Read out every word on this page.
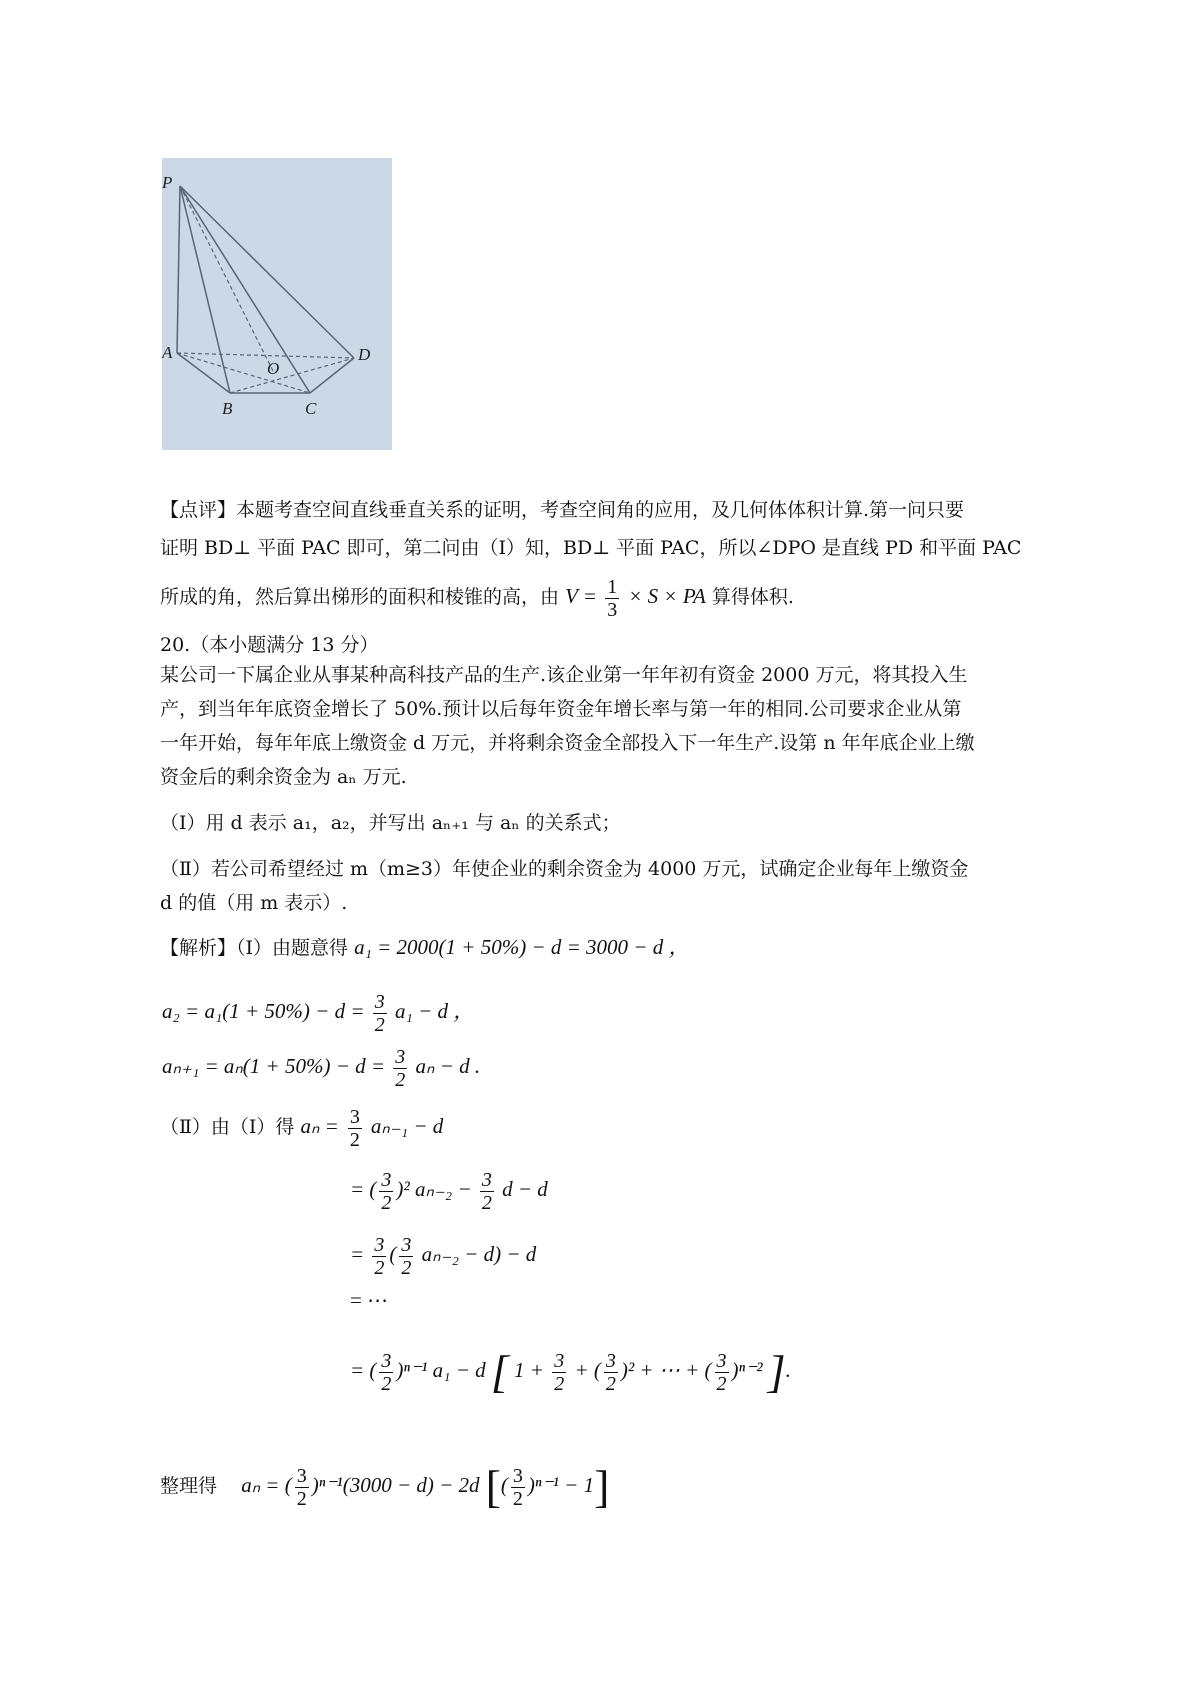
P
A
B	C
D
O
【点评】本题考查空间直线垂直关系的证明，考查空间角的应用，及几何体体积计算.第一问只要
证明 BD⊥ 平面 PAC 即可，第二问由（Ⅰ）知，BD⊥ 平面 PAC，所以∠DPO 是直线 PD 和平面 PAC
所成的角，然后算出梯形的面积和棱锥的高，由 $V = \frac{1}{3} \times S$ × PA 算得体积.
20.（本小题满分 13 分）
某公司一下属企业从事某种高科技产品的生产.该企业第一年年初有资金 2000 万元，将其投入生
产，到当年年底资金增长了 50%.预计以后每年资金年增长率与第一年的相同.公司要求企业从第
一年开始，每年年底上缴资金 d 万元，并将剩余资金全部投入下一年生产.设第 n 年年底企业上缴
资金后的剩余资金为 aₙ 万元.
（Ⅰ）用 d 表示 a₁，a₂，并写出 aₙ₊₁ 与 aₙ 的关系式；
（Ⅱ）若公司希望经过 m（m≥3）年使企业的剩余资金为 4000 万元，试确定企业每年上缴资金
d 的值（用 m 表示）.
【解析】（Ⅰ）由题意得 a₁ = 2000(1 + 50%) − d = 3000 − d ，
$a_2 = a_1(1 + 50\%) - d = \frac{3}{2} a_1 - d$ ，
$a_{n+1} = a_n(1 + 50\%) - d = \frac{3}{2}$ aₙ − d .
（Ⅱ）由（Ⅰ）得 $a_n = \frac{3}{2} a_{n-1} - d$
= ( $\frac{3}{2} )^2$ $a_{n-2} - \frac{3}{2}$ d − d
= $\frac{3}{2}$ ( $\frac{3}{2} a_{n-2} - d) - d$
= ⋯
= ( $\frac{3}{2} )^{n-1}$ a₁ − d [ $1 + \frac{3}{2}$ + ( $\frac{3}{2} )^2$ + ⋯ + ( $\frac{3}{2} )^{n-2}$ ].
整理得 aₙ = ( $\frac{3}{2} )^{n-1}(3000 - d) - 2d$ [( $\frac{3}{2} )^{n-1} - 1$]
